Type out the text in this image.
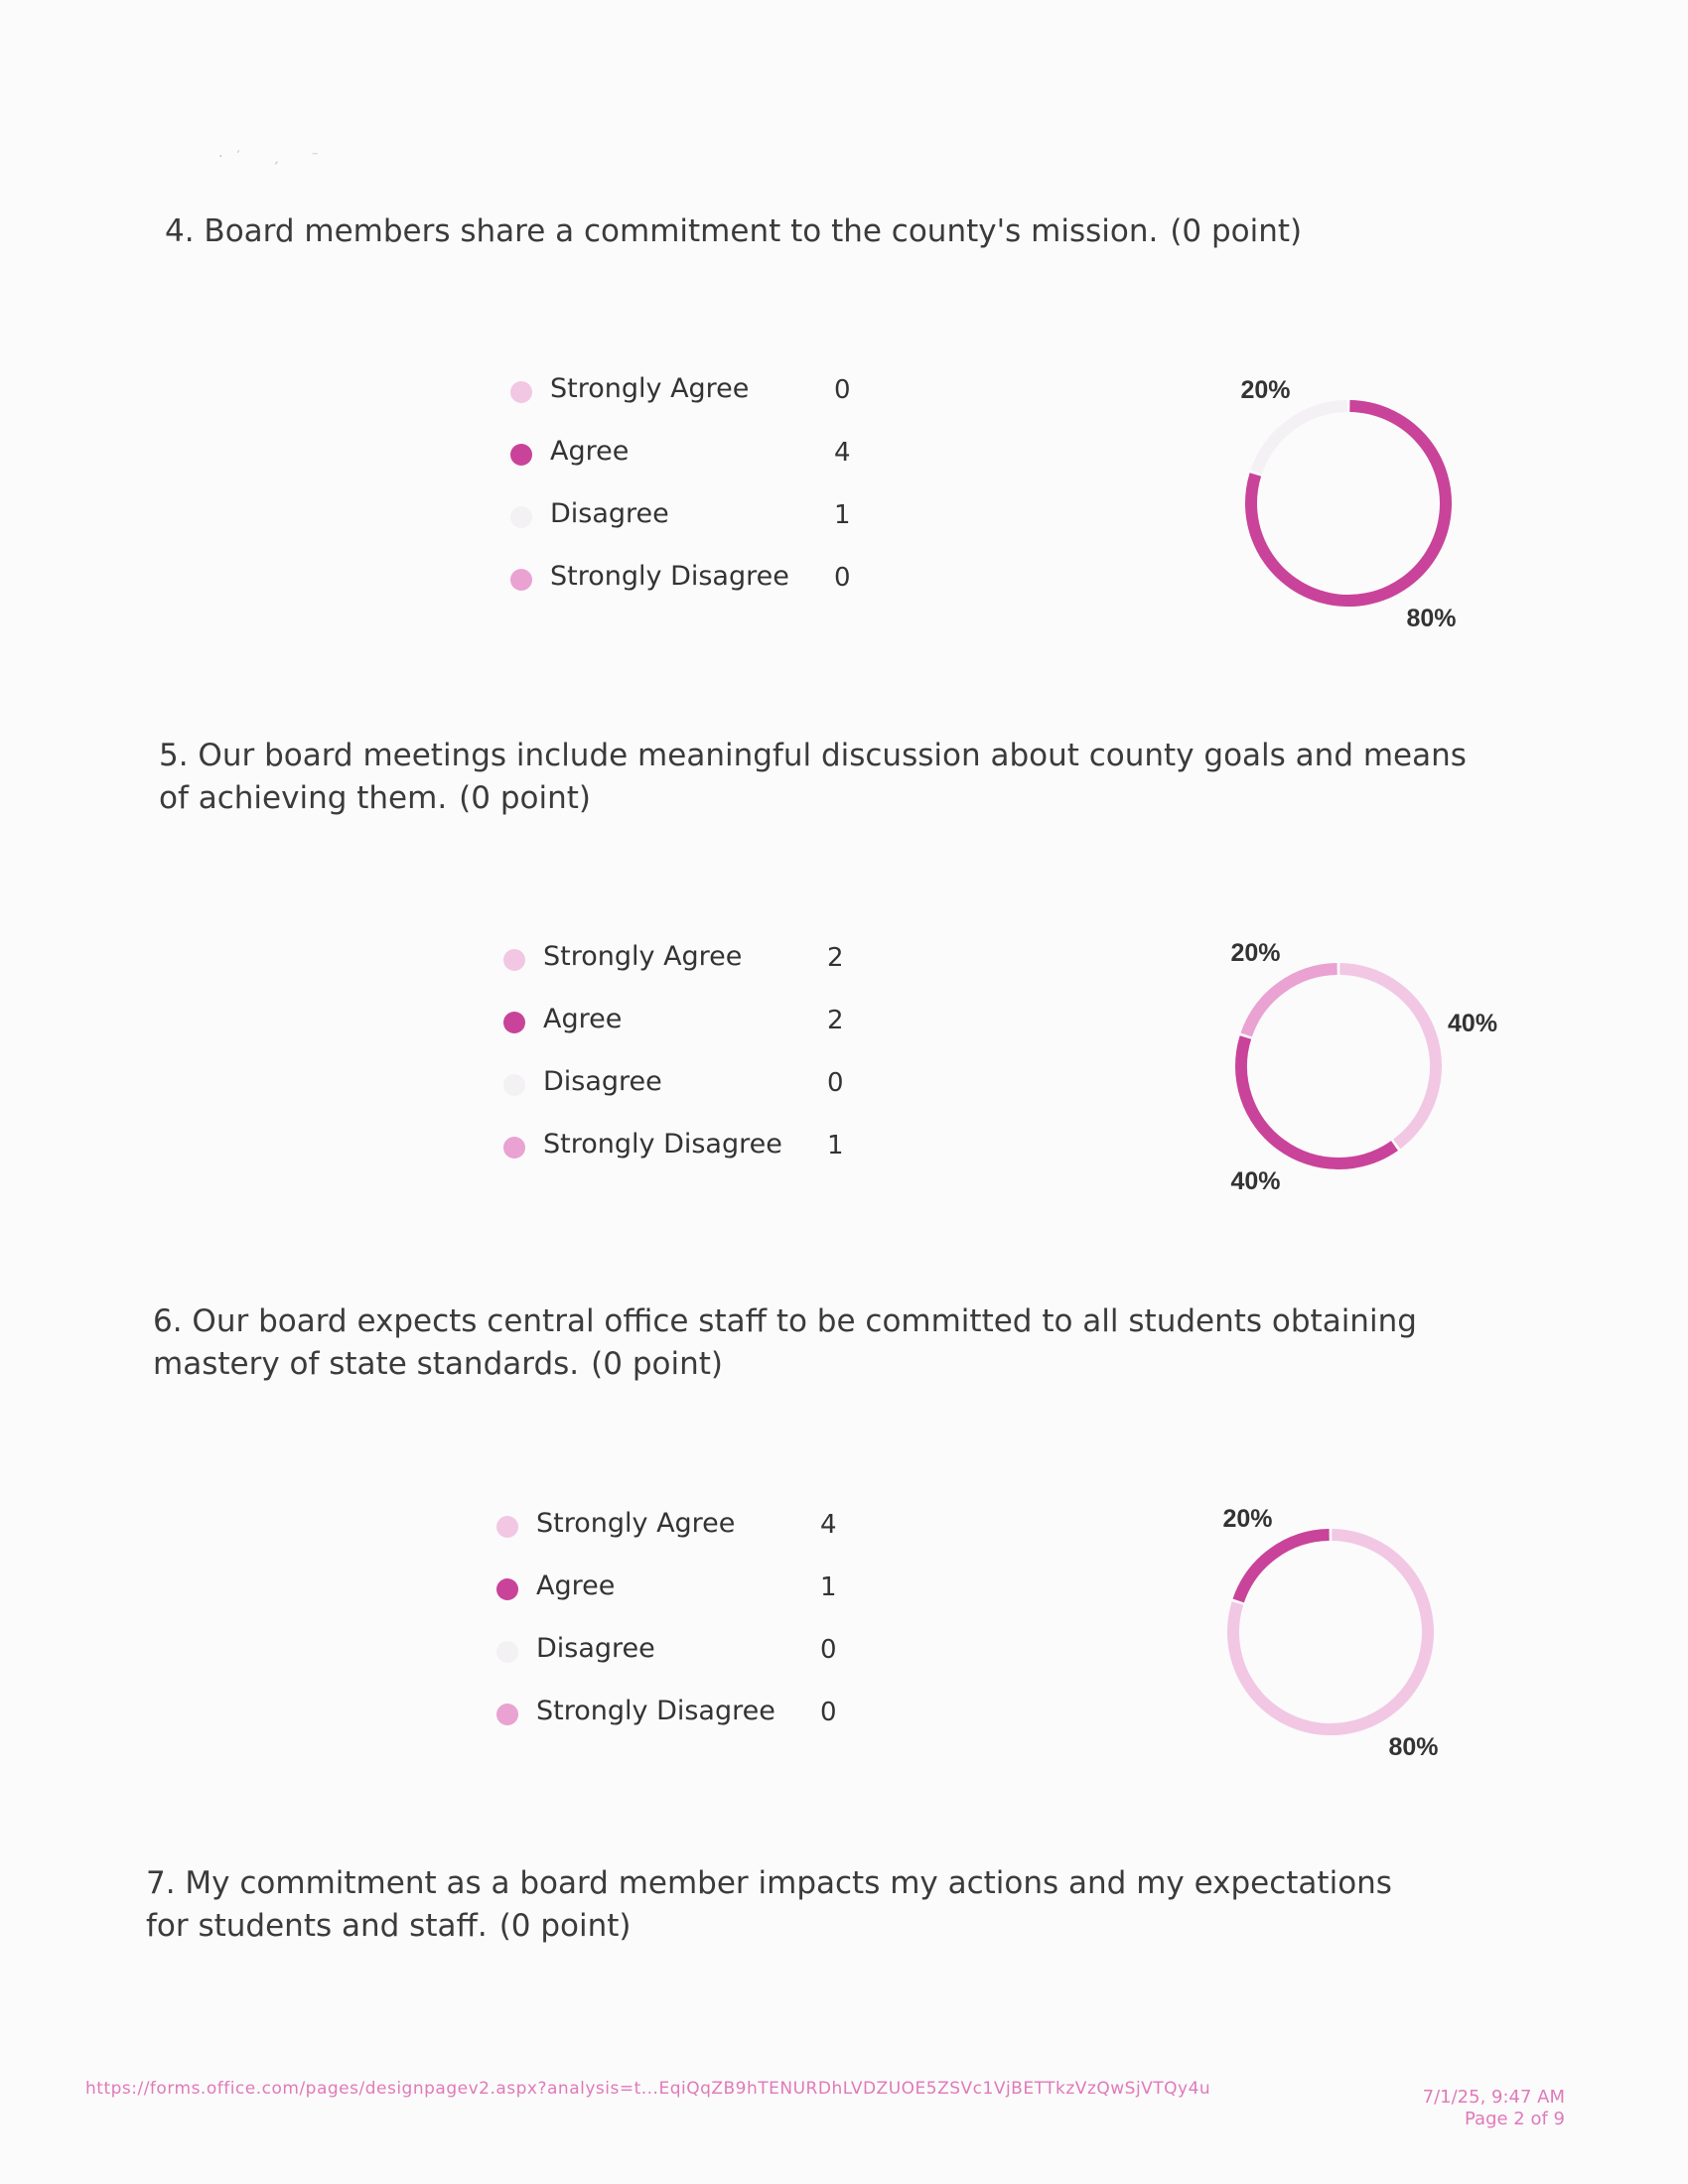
·′ ˏ ⁻
4. Board members share a commitment to the county's mission. (0 point)
Strongly Agree	0
Agree	4
Disagree	1
Strongly Disagree 0
80%
20%
5. Our board meetings include meaningful discussion about county goals and means of achieving them. (0 point)
Strongly Agree	2
Agree	2
Disagree	0
Strongly Disagree 1
40%
40%
20%
6. Our board expects central office staff to be committed to all students obtaining mastery of state standards. (0 point)
Strongly Agree	4
Agree	1
Disagree	0
Strongly Disagree 0
80%
20%
7. My commitment as a board member impacts my actions and my expectations for students and staff. (0 point)
https://forms.office.com/pages/designpagev2.aspx?analysis=t...EqiQqZB9hTENURDhLVDZUOE5ZSVc1VjBETTkzVzQwSjVTQy4u	7/1/25, 9:47 AM
Page 2 of 9
